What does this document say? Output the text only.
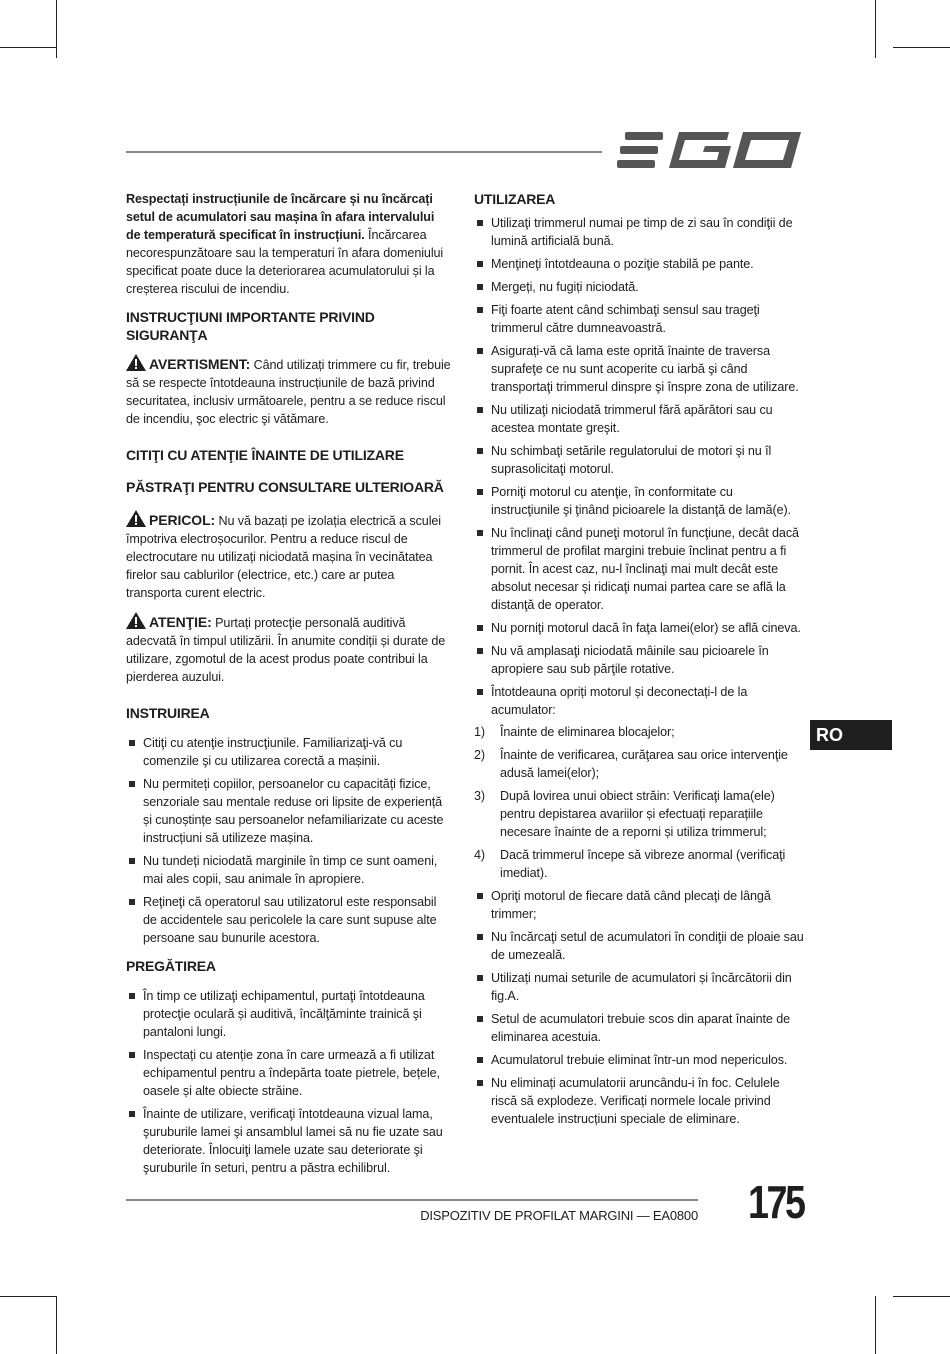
Respectați instrucțiunile de încărcare și nu încărcați setul de acumulatori sau mașina în afara intervalului de temperatură specificat în instrucțiuni. Încărcarea necorespunzătoare sau la temperaturi în afara domeniului specificat poate duce la deteriorarea acumulatorului și la creșterea riscului de incendiu.

INSTRUCŢIUNI IMPORTANTE PRIVIND SIGURANŢA

AVERTISMENT: Când utilizați trimmere cu fir, trebuie să se respecte întotdeauna instrucțiunile de bază privind securitatea, inclusiv următoarele, pentru a se reduce riscul de incendiu, şoc electric şi vătămare.

CITIŢI CU ATENŢIE ÎNAINTE DE UTILIZARE
PĂSTRAŢI PENTRU CONSULTARE ULTERIOARĂ

PERICOL: Nu vă bazați pe izolația electrică a sculei împotriva electroșocurilor. Pentru a reduce riscul de electrocutare nu utilizați niciodată mașina în vecinătatea firelor sau cablurilor (electrice, etc.) care ar putea transporta curent electric.

ATENŢIE: Purtați protecţie personală auditivă adecvată în timpul utilizării. În anumite condiții și durate de utilizare, zgomotul de la acest produs poate contribui la pierderea auzului.

INSTRUIREA
Citiţi cu atenţie instrucţiunile. Familiarizaţi-vă cu comenzile şi cu utilizarea corectă a mașinii.
Nu permiteți copiilor, persoanelor cu capacități fizice, senzoriale sau mentale reduse ori lipsite de experiență și cunoștințe sau persoanelor nefamiliarizate cu aceste instrucțiuni să utilizeze mașina.
Nu tundeți niciodată marginile în timp ce sunt oameni, mai ales copii, sau animale în apropiere.
Reţineţi că operatorul sau utilizatorul este responsabil de accidentele sau pericolele la care sunt supuse alte persoane sau bunurile acestora.
PREGĂTIREA
În timp ce utilizaţi echipamentul, purtaţi întotdeauna protecţie oculară și auditivă, încălţăminte trainică şi pantaloni lungi.
Inspectați cu atenție zona în care urmează a fi utilizat echipamentul pentru a îndepărta toate pietrele, bețele, oasele și alte obiecte străine.
Înainte de utilizare, verificaţi întotdeauna vizual lama, şuruburile lamei şi ansamblul lamei să nu fie uzate sau deteriorate. Înlocuiţi lamele uzate sau deteriorate şi şuruburile în seturi, pentru a păstra echilibrul.
UTILIZAREA
Utilizaţi trimmerul numai pe timp de zi sau în condiţii de lumină artificială bună.
Menţineţi întotdeauna o poziţie stabilă pe pante.
Mergeți, nu fugiți niciodată.
Fiţi foarte atent când schimbaţi sensul sau trageţi trimmerul către dumneavoastră.
Asigurați-vă că lama este oprită înainte de traversa suprafeţe ce nu sunt acoperite cu iarbă şi când transportaţi trimmerul dinspre şi înspre zona de utilizare.
Nu utilizaţi niciodată trimmerul fără apărători sau cu acestea montate greşit.
Nu schimbaţi setările regulatorului de motori şi nu îl suprasolicitaţi motorul.
Porniţi motorul cu atenţie, în conformitate cu instrucţiunile şi ţinând picioarele la distanţă de lamă(e).
Nu înclinaţi când puneţi motorul în funcţiune, decât dacă trimmerul de profilat margini trebuie înclinat pentru a fi pornit. În acest caz, nu-l înclinaţi mai mult decât este absolut necesar şi ridicaţi numai partea care se află la distanţă de operator.
Nu porniţi motorul dacă în faţa lamei(elor) se află cineva.
Nu vă amplasaţi niciodată mâinile sau picioarele în apropiere sau sub părţile rotative.
Întotdeauna opriți motorul și deconectați-l de la acumulator:
1) Înainte de eliminarea blocajelor;
2) Înainte de verificarea, curăţarea sau orice intervenţie adusă lamei(elor);
3) După lovirea unui obiect străin: Verificaţi lama(ele) pentru depistarea avariilor și efectuați reparațiile necesare înainte de a reporni și utiliza trimmerul;
4) Dacă trimmerul începe să vibreze anormal (verificaţi imediat).
Opriţi motorul de fiecare dată când plecaţi de lângă trimmer;
Nu încărcaţi setul de acumulatori în condiţii de ploaie sau de umezeală.
Utilizați numai seturile de acumulatori și încărcătorii din fig.A.
Setul de acumulatori trebuie scos din aparat înainte de eliminarea acestuia.
Acumulatorul trebuie eliminat într-un mod nepericulos.
Nu eliminați acumulatorii aruncându-i în foc. Celulele riscă să explodeze. Verificați normele locale privind eventualele instrucțiuni speciale de eliminare.
RO
DISPOZITIV DE PROFILAT MARGINI — EA0800 175
